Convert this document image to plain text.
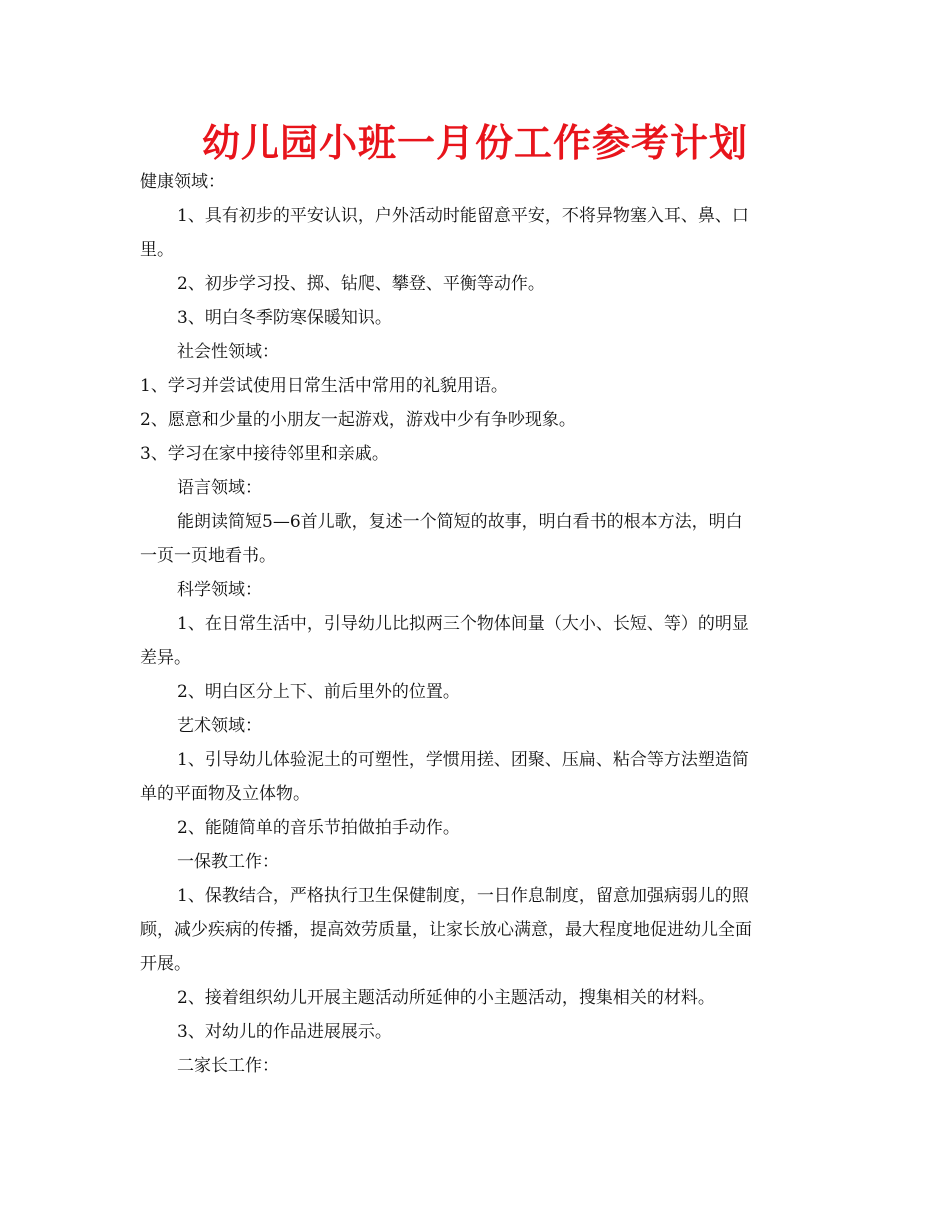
幼儿园小班一月份工作参考计划

健康领域：

1、具有初步的平安认识，户外活动时能留意平安，不将异物塞入耳、鼻、口

里。

2、初步学习投、掷、钻爬、攀登、平衡等动作。

3、明白冬季防寒保暖知识。

社会性领域：

1、学习并尝试使用日常生活中常用的礼貌用语。

2、愿意和少量的小朋友一起游戏，游戏中少有争吵现象。

3、学习在家中接待邻里和亲戚。

语言领域：

能朗读简短5—6首儿歌，复述一个简短的故事，明白看书的根本方法，明白

一页一页地看书。

科学领域：

1、在日常生活中，引导幼儿比拟两三个物体间量（大小、长短、等）的明显

差异。

2、明白区分上下、前后里外的位置。

艺术领域：

1、引导幼儿体验泥土的可塑性，学惯用搓、团聚、压扁、粘合等方法塑造简

单的平面物及立体物。

2、能随简单的音乐节拍做拍手动作。

一保教工作：

1、保教结合，严格执行卫生保健制度，一日作息制度，留意加强病弱儿的照

顾，减少疾病的传播，提高效劳质量，让家长放心满意，最大程度地促进幼儿全面

开展。

2、接着组织幼儿开展主题活动所延伸的小主题活动，搜集相关的材料。

3、对幼儿的作品进展展示。

二家长工作：
